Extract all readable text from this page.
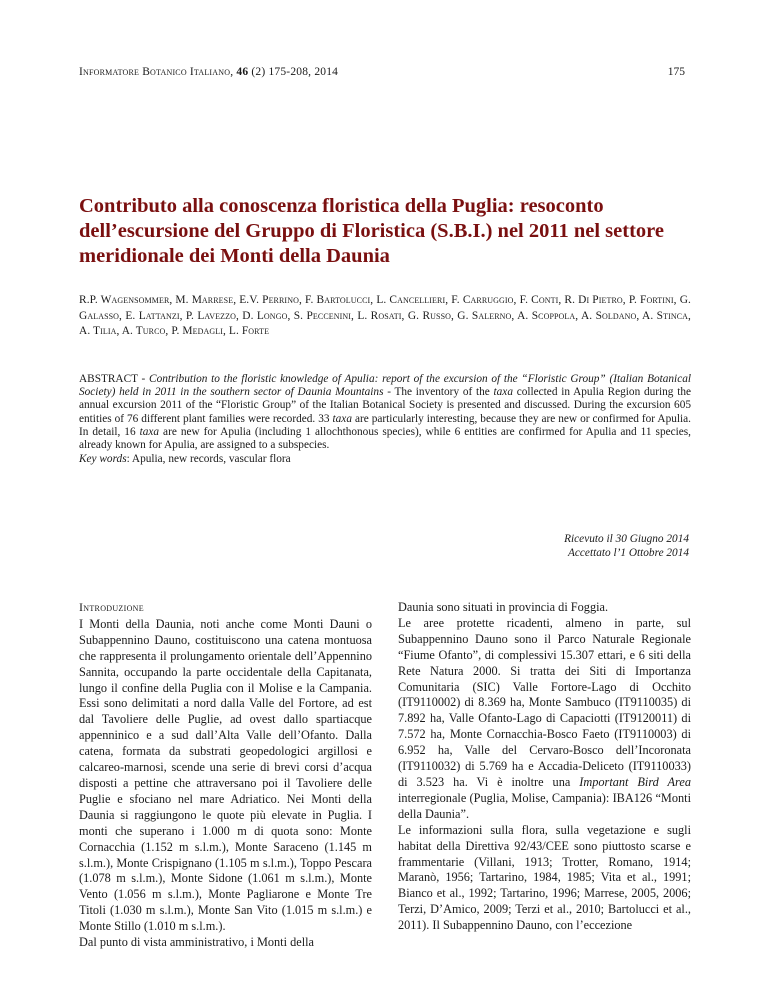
Informatore Botanico Italiano, 46 (2) 175-208, 2014	175
Contributo alla conoscenza floristica della Puglia: resoconto dell’escursione del Gruppo di Floristica (S.B.I.) nel 2011 nel settore meridionale dei Monti della Daunia
R.P. Wagensommer, M. Marrese, E.V. Perrino, F. Bartolucci, L. Cancellieri, F. Carruggio, F. Conti, R. Di Pietro, P. Fortini, G. Galasso, E. Lattanzi, P. Lavezzo, D. Longo, S. Peccenini, L. Rosati, G. Russo, G. Salerno, A. Scoppola, A. Soldano, A. Stinca, A. Tilia, A. Turco, P. Medagli, L. Forte
ABSTRACT - Contribution to the floristic knowledge of Apulia: report of the excursion of the “Floristic Group” (Italian Botanical Society) held in 2011 in the southern sector of Daunia Mountains - The inventory of the taxa collected in Apulia Region during the annual excursion 2011 of the “Floristic Group” of the Italian Botanical Society is presented and discussed. During the excursion 605 entities of 76 different plant families were recorded. 33 taxa are particularly interesting, because they are new or confirmed for Apulia. In detail, 16 taxa are new for Apulia (including 1 allochthonous species), while 6 entities are confirmed for Apulia and 11 species, already known for Apulia, are assigned to a subspecies.
Key words: Apulia, new records, vascular flora
Ricevuto il 30 Giugno 2014
Accettato l’1 Ottobre 2014
Introduzione

I Monti della Daunia, noti anche come Monti Dauni o Subappennino Dauno, costituiscono una catena montuosa che rappresenta il prolungamento orientale dell’Appennino Sannita, occupando la parte occidentale della Capitanata, lungo il confine della Puglia con il Molise e la Campania. Essi sono delimitati a nord dalla Valle del Fortore, ad est dal Tavoliere delle Puglie, ad ovest dallo spartiacque appenninico e a sud dall’Alta Valle dell’Ofanto. Dalla catena, formata da substrati geopedologici argillosi e calcareo-marnosi, scende una serie di brevi corsi d’acqua disposti a pettine che attraversano poi il Tavoliere delle Puglie e sfociano nel mare Adriatico. Nei Monti della Daunia si raggiungono le quote più elevate in Puglia. I monti che superano i 1.000 m di quota sono: Monte Cornacchia (1.152 m s.l.m.), Monte Saraceno (1.145 m s.l.m.), Monte Crispignano (1.105 m s.l.m.), Toppo Pescara (1.078 m s.l.m.), Monte Sidone (1.061 m s.l.m.), Monte Vento (1.056 m s.l.m.), Monte Pagliarone e Monte Tre Titoli (1.030 m s.l.m.), Monte San Vito (1.015 m s.l.m.) e Monte Stillo (1.010 m s.l.m.).

Dal punto di vista amministrativo, i Monti della

Daunia sono situati in provincia di Foggia.

Le aree protette ricadenti, almeno in parte, sul Subappennino Dauno sono il Parco Naturale Regionale “Fiume Ofanto”, di complessivi 15.307 ettari, e 6 siti della Rete Natura 2000. Si tratta dei Siti di Importanza Comunitaria (SIC) Valle Fortore-Lago di Occhito (IT9110002) di 8.369 ha, Monte Sambuco (IT9110035) di 7.892 ha, Valle Ofanto-Lago di Capaciotti (IT9120011) di 7.572 ha, Monte Cornacchia-Bosco Faeto (IT9110003) di 6.952 ha, Valle del Cervaro-Bosco dell’Incoronata (IT9110032) di 5.769 ha e Accadia-Deliceto (IT9110033) di 3.523 ha. Vi è inoltre una Important Bird Area interregionale (Puglia, Molise, Campania): IBA126 “Monti della Daunia”.

Le informazioni sulla flora, sulla vegetazione e sugli habitat della Direttiva 92/43/CEE sono piuttosto scarse e frammentarie (Villani, 1913; Trotter, Romano, 1914; Maranò, 1956; Tartarino, 1984, 1985; Vita et al., 1991; Bianco et al., 1992; Tartarino, 1996; Marrese, 2005, 2006; Terzi, D’Amico, 2009; Terzi et al., 2010; Bartolucci et al., 2011). Il Subappennino Dauno, con l’eccezione
